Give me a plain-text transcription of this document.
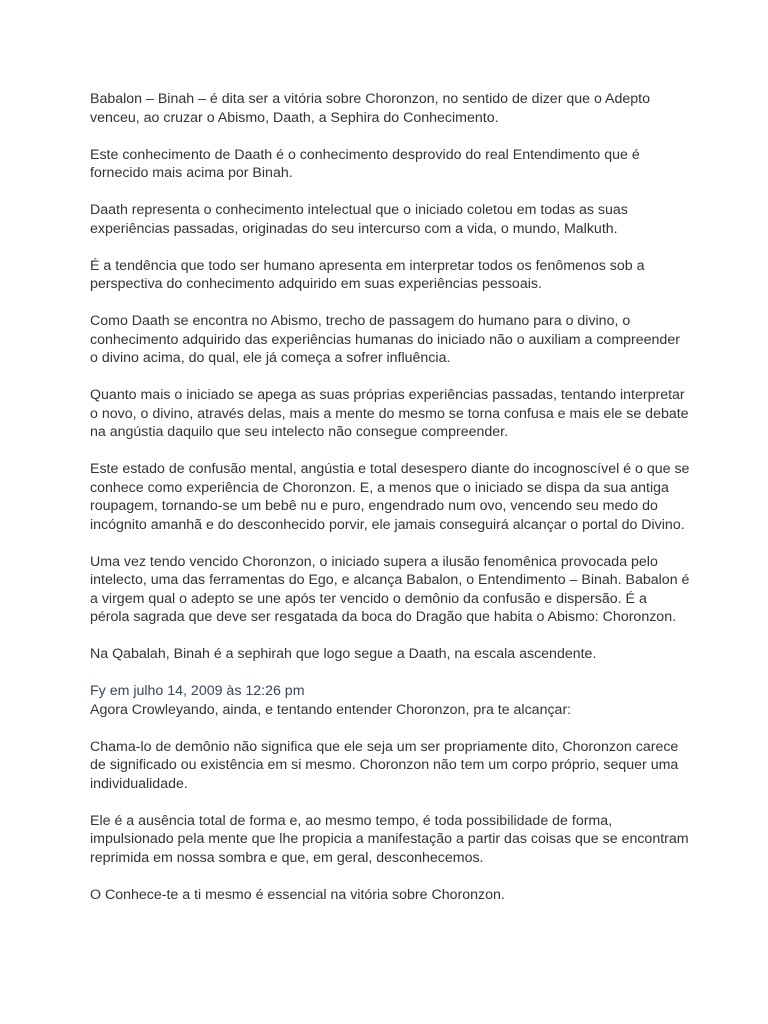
Babalon – Binah – é dita ser a vitória sobre Choronzon, no sentido de dizer que o Adepto venceu, ao cruzar o Abismo, Daath, a Sephira do Conhecimento.

Este conhecimento de Daath é o conhecimento desprovido do real Entendimento que é fornecido mais acima por Binah.

Daath representa o conhecimento intelectual que o iniciado coletou em todas as suas experiências passadas, originadas do seu intercurso com a vida, o mundo, Malkuth.

É a tendência que todo ser humano apresenta em interpretar todos os fenômenos sob a perspectiva do conhecimento adquirido em suas experiências pessoais.

Como Daath se encontra no Abismo, trecho de passagem do humano para o divino, o conhecimento adquirido das experiências humanas do iniciado não o auxiliam a compreender o divino acima, do qual, ele já começa a sofrer influência.

Quanto mais o iniciado se apega as suas próprias experiências passadas, tentando interpretar o novo, o divino, através delas, mais a mente do mesmo se torna confusa e mais ele se debate na angústia daquilo que seu intelecto não consegue compreender.

Este estado de confusão mental, angústia e total desespero diante do incognoscível é o que se conhece como experiência de Choronzon. E, a menos que o iniciado se dispa da sua antiga roupagem, tornando-se um bebê nu e puro, engendrado num ovo, vencendo seu medo do incógnito amanhã e do desconhecido porvir, ele jamais conseguirá alcançar o portal do Divino.

Uma vez tendo vencido Choronzon, o iniciado supera a ilusão fenomênica provocada pelo intelecto, uma das ferramentas do Ego, e alcança Babalon, o Entendimento – Binah. Babalon é a virgem qual o adepto se une após ter vencido o demônio da confusão e dispersão. É a pérola sagrada que deve ser resgatada da boca do Dragão que habita o Abismo: Choronzon.

Na Qabalah, Binah é a sephirah que logo segue a Daath, na escala ascendente.

Fy em julho 14, 2009 às 12:26 pm

Agora Crowleyando, ainda, e tentando entender Choronzon, pra te alcançar:

Chama-lo de demônio não significa que ele seja um ser propriamente dito, Choronzon carece de significado ou existência em si mesmo. Choronzon não tem um corpo próprio, sequer uma individualidade.

Ele é a ausência total de forma e, ao mesmo tempo, é toda possibilidade de forma, impulsionado pela mente que lhe propicia a manifestação a partir das coisas que se encontram reprimida em nossa sombra e que, em geral, desconhecemos.

O Conhece-te a ti mesmo é essencial na vitória sobre Choronzon.
